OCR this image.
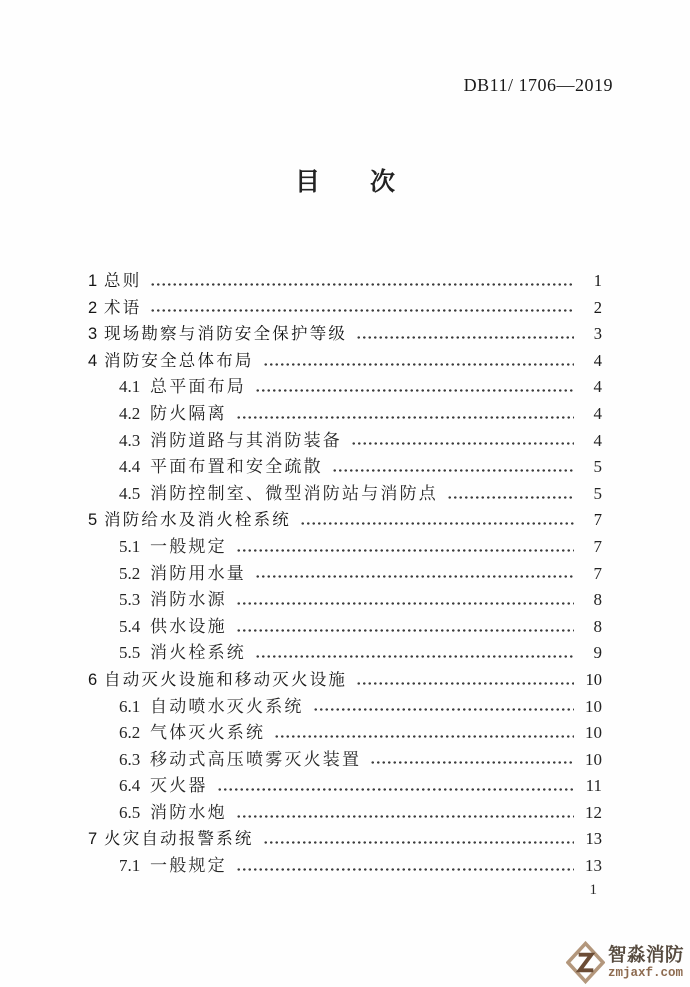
DB11/ 1706—2019
目　　次
1 总则	1
2 术语	2
3 现场勘察与消防安全保护等级	3
4 消防安全总体布局	4
4.1 总平面布局	4
4.2 防火隔离	4
4.3 消防道路与其消防装备	4
4.4 平面布置和安全疏散	5
4.5 消防控制室、微型消防站与消防点	5
5 消防给水及消火栓系统	7
5.1 一般规定	7
5.2 消防用水量	7
5.3 消防水源	8
5.4 供水设施	8
5.5 消火栓系统	9
6 自动灭火设施和移动灭火设施	10
6.1 自动喷水灭火系统	10
6.2 气体灭火系统	10
6.3 移动式高压喷雾灭火装置	10
6.4 灭火器	11
6.5 消防水炮	12
7 火灾自动报警系统	13
7.1 一般规定	13
1
智淼消防
zmjaxf.com
